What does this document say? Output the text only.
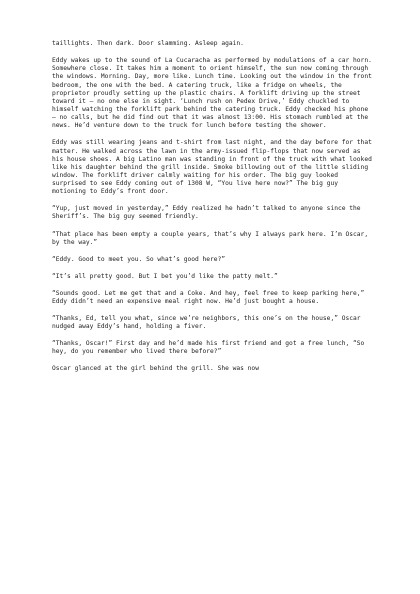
taillights. Then dark. Door slamming. Asleep again.

Eddy wakes up to the sound of La Cucaracha as performed by modulations of a car horn. Somewhere close. It takes him a moment to orient himself, the sun now coming through the windows. Morning. Day, more like. Lunch time. Looking out the window in the front bedroom, the one with the bed. A catering truck, like a fridge on wheels, the proprietor proudly setting up the plastic chairs. A forklift driving up the street toward it – no one else in sight. ‘Lunch rush on Pedex Drive,’ Eddy chuckled to himself watching the forklift park behind the catering truck. Eddy checked his phone – no calls, but he did find out that it was almost 13:00. His stomach rumbled at the news. He’d venture down to the truck for lunch before testing the shower.

Eddy was still wearing jeans and t-shirt from last night, and the day before for that matter. He walked across the lawn in the army-issued flip-flops that now served as his house shoes. A big Latino man was standing in front of the truck with what looked like his daughter behind the grill inside. Smoke billowing out of the little sliding window. The forklift driver calmly waiting for his order. The big guy looked surprised to see Eddy coming out of 1308 W, “You live here now?” The big guy motioning to Eddy’s front door.

“Yup, just moved in yesterday,” Eddy realized he hadn’t talked to anyone since the Sheriff’s. The big guy seemed friendly.

“That place has been empty a couple years, that’s why I always park here. I’m Oscar, by the way.”

“Eddy. Good to meet you. So what’s good here?”

“It’s all pretty good. But I bet you’d like the patty melt.”

“Sounds good. Let me get that and a Coke. And hey, feel free to keep parking here,” Eddy didn’t need an expensive meal right now. He’d just bought a house.

“Thanks, Ed, tell you what, since we’re neighbors, this one’s on the house,” Oscar nudged away Eddy’s hand, holding a fiver.

“Thanks, Oscar!” First day and he’d made his first friend and got a free lunch, “So hey, do you remember who lived there before?”

Oscar glanced at the girl behind the grill. She was now
